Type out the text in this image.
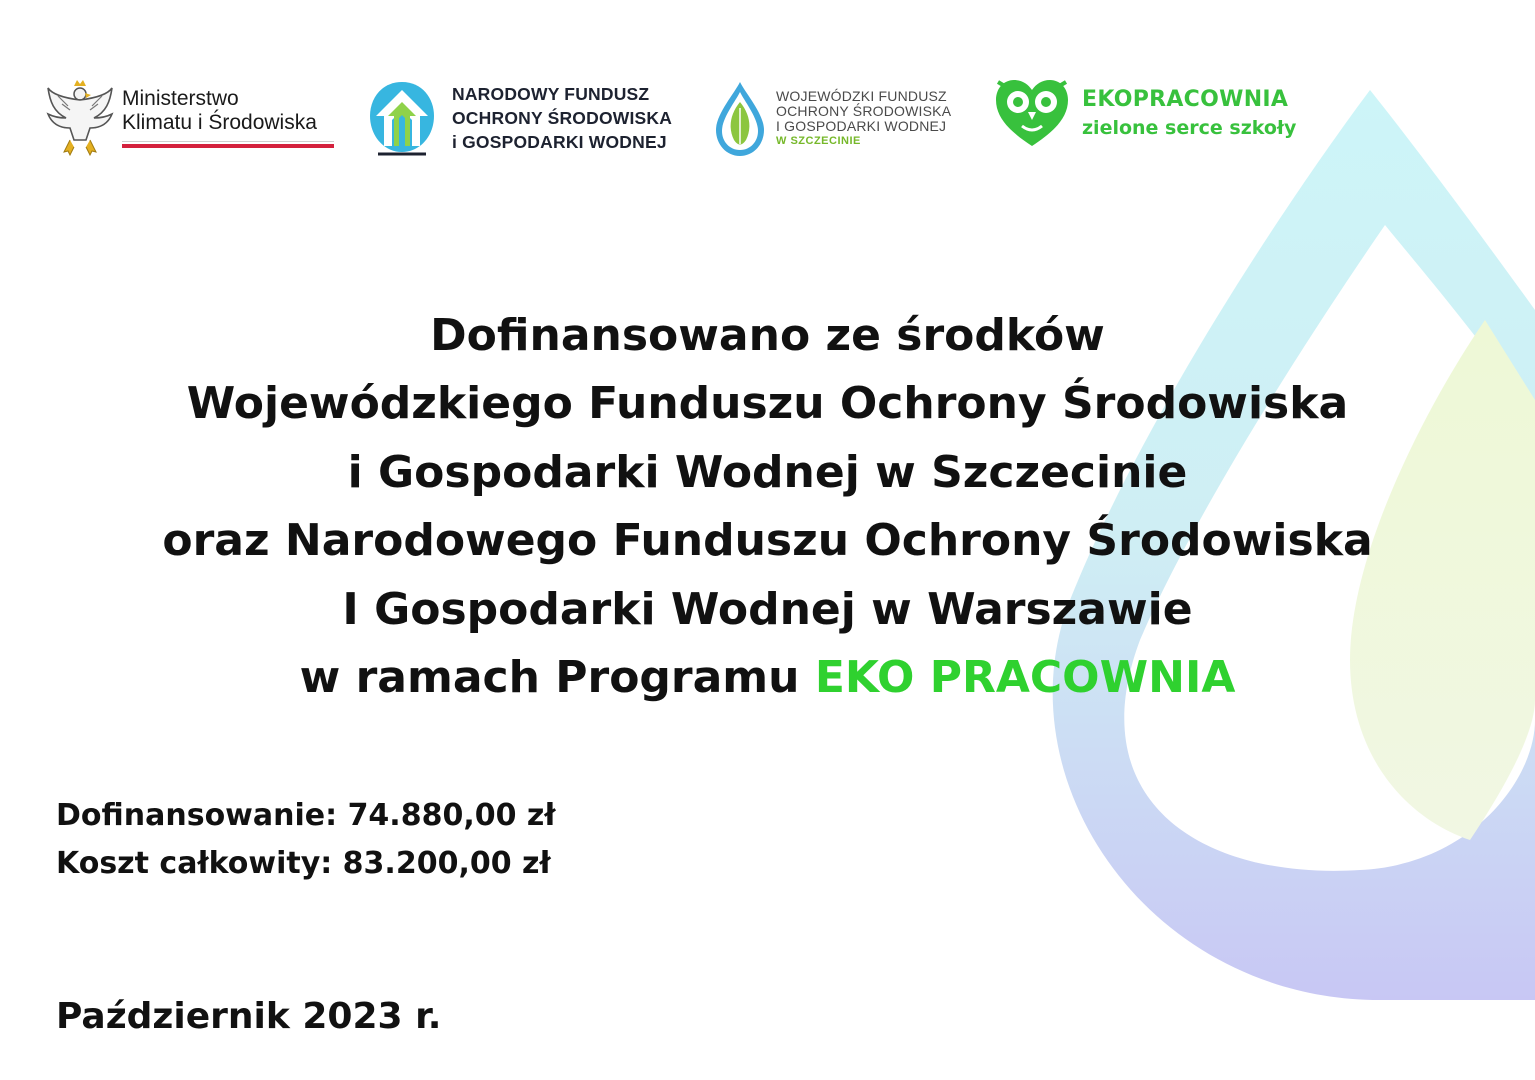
Ministerstwo
Klimatu i Środowiska
NARODOWY FUNDUSZ
OCHRONY ŚRODOWISKA
i GOSPODARKI WODNEJ
WOJEWÓDZKI FUNDUSZ
OCHRONY ŚRODOWISKA
I GOSPODARKI WODNEJ
W SZCZECINIE
EKOPRACOWNIA
zielone serce szkoły
Dofinansowano ze środków
Wojewódzkiego Funduszu Ochrony Środowiska
i Gospodarki Wodnej w Szczecinie
oraz Narodowego Funduszu Ochrony Środowiska
I Gospodarki Wodnej w Warszawie
w ramach Programu EKO PRACOWNIA
Dofinansowanie: 74.880,00 zł
Koszt całkowity: 83.200,00 zł
Październik 2023 r.
